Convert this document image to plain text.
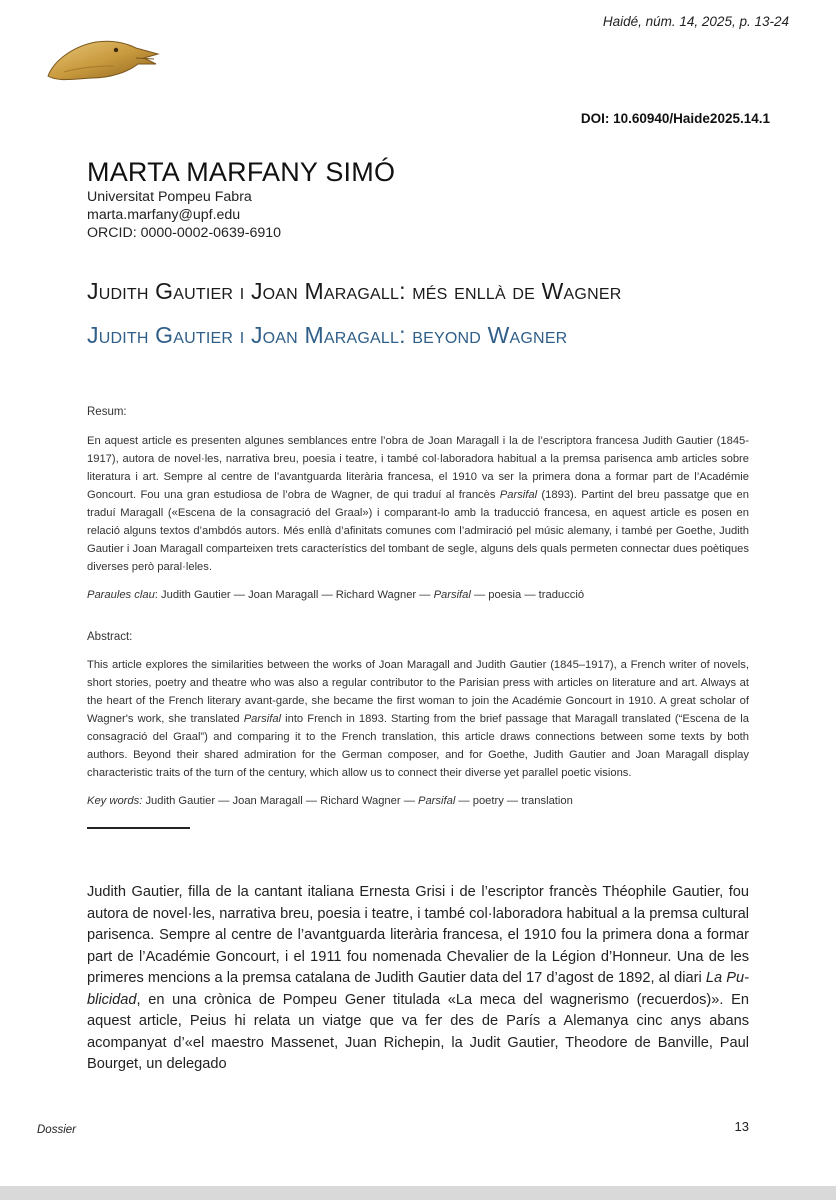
Haidé, núm. 14, 2025, p. 13-24
DOI: 10.60940/Haide2025.14.1
MARTA MARFANY SIMÓ
Universitat Pompeu Fabra
marta.marfany@upf.edu
ORCID: 0000-0002-0639-6910
Judith Gautier i Joan Maragall: més enllà de Wagner
Judith Gautier i Joan Maragall: beyond Wagner
Resum:
En aquest article es presenten algunes semblances entre l’obra de Joan Maragall i la de l’escriptora francesa Judith Gautier (1845-1917), autora de novel·les, narrativa breu, poesia i teatre, i també col·laboradora habitual a la premsa parisenca amb articles sobre literatura i art. Sempre al centre de l’avantguarda literària francesa, el 1910 va ser la primera dona a formar part de l’Académie Goncourt. Fou una gran estudiosa de l’obra de Wagner, de qui traduí al francès Parsifal (1893). Partint del breu passatge que en traduí Maragall («Escena de la consagració del Graal») i comparant-lo amb la traducció francesa, en aquest article es posen en relació alguns textos d’ambdós autors. Més enllà d’afinitats comunes com l’admiració pel músic alemany, i també per Goethe, Judith Gautier i Joan Maragall comparteixen trets característics del tombant de segle, alguns dels quals permeten connectar dues poètiques diverses però paral·leles.
Paraules clau: Judith Gautier — Joan Maragall — Richard Wagner — Parsifal — poesia — traducció
Abstract:
This article explores the similarities between the works of Joan Maragall and Judith Gautier (1845–1917), a French writer of novels, short stories, poetry and theatre who was also a regular contributor to the Parisian press with articles on literature and art. Always at the heart of the French literary avant-garde, she became the first woman to join the Académie Goncourt in 1910. A great scholar of Wagner's work, she translated Parsifal into French in 1893. Starting from the brief passage that Maragall translated (“Escena de la consagració del Graal”) and comparing it to the French translation, this article draws connections between some texts by both authors. Beyond their shared admiration for the German composer, and for Goethe, Judith Gautier and Joan Maragall display characteristic traits of the turn of the century, which allow us to connect their diverse yet parallel poetic visions.
Key words: Judith Gautier — Joan Maragall — Richard Wagner — Parsifal — poetry — translation
Judith Gautier, filla de la cantant italiana Ernesta Grisi i de l’escriptor francès Théophile Gautier, fou autora de novel·les, narrativa breu, poesia i teatre, i també col·laboradora habitual a la premsa cultural parisenca. Sempre al centre de l’avantguarda literària francesa, el 1910 fou la primera dona a formar part de l’Académie Goncourt, i el 1911 fou nomenada Chevalier de la Légion d’Honneur. Una de les primeres mencions a la premsa catalana de Judith Gautier data del 17 d’agost de 1892, al diari La Publicidad, en una crònica de Pompeu Gener titulada «La meca del wagnerismo (recuerdos)». En aquest article, Peius hi relata un viatge que va fer des de París a Alemanya cinc anys abans acompanyat d’«el maestro Massenet, Juan Richepin, la Judit Gautier, Theodore de Banville, Paul Bourget, un delegado
Dossier	13
